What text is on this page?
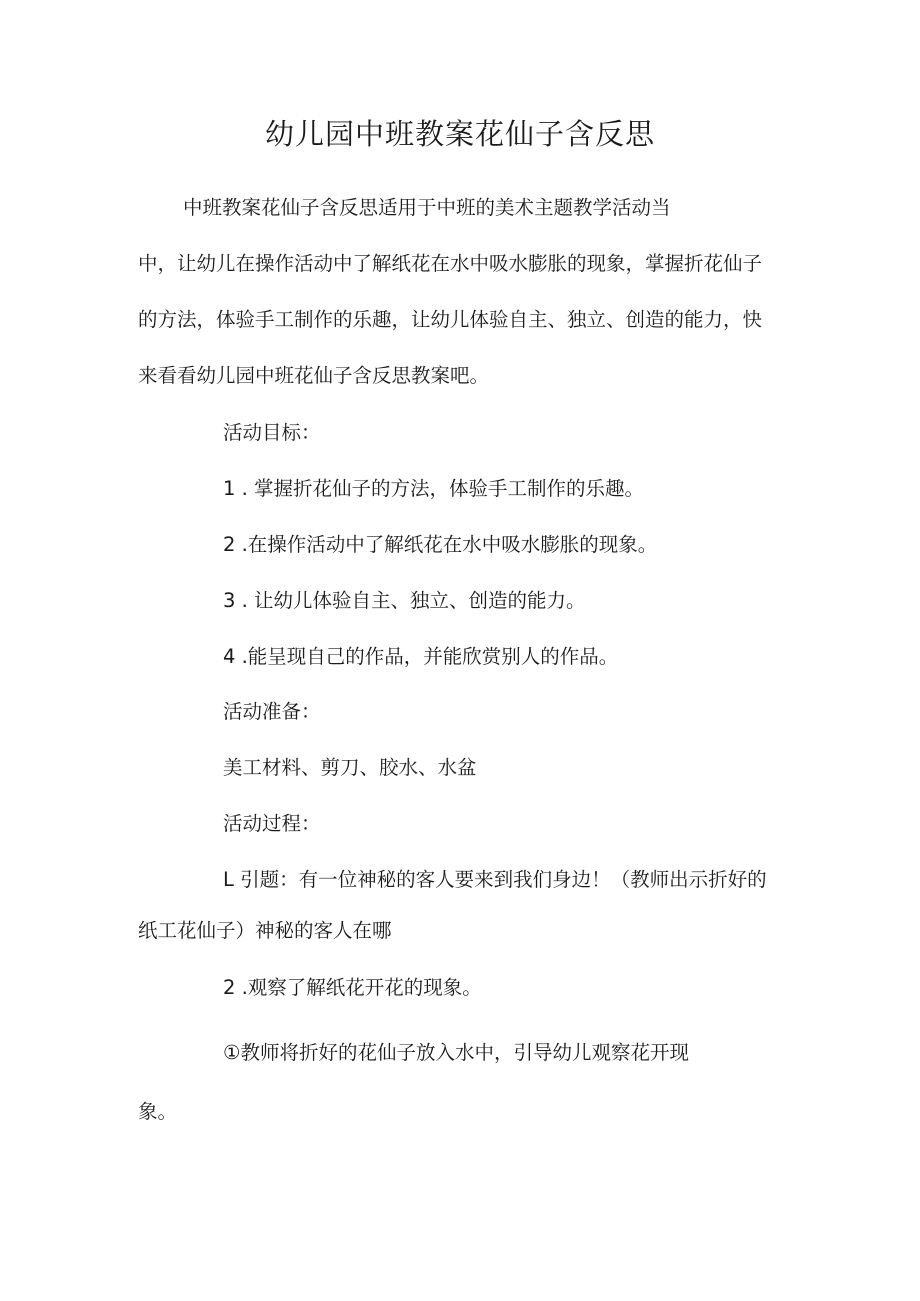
幼儿园中班教案花仙子含反思
中班教案花仙子含反思适用于中班的美术主题教学活动当
中，让幼儿在操作活动中了解纸花在水中吸水膨胀的现象，掌握折花仙子
的方法，体验手工制作的乐趣，让幼儿体验自主、独立、创造的能力，快
来看看幼儿园中班花仙子含反思教案吧。
活动目标：
1 . 掌握折花仙子的方法，体验手工制作的乐趣。
2 .在操作活动中了解纸花在水中吸水膨胀的现象。
3 . 让幼儿体验自主、独立、创造的能力。
4 .能呈现自己的作品，并能欣赏别人的作品。
活动准备：
美工材料、剪刀、胶水、水盆
活动过程：
L 引题：有一位神秘的客人要来到我们身边！（教师出示折好的
纸工花仙子）神秘的客人在哪
2 .观察了解纸花开花的现象。
①教师将折好的花仙子放入水中，引导幼儿观察花开现
象。
